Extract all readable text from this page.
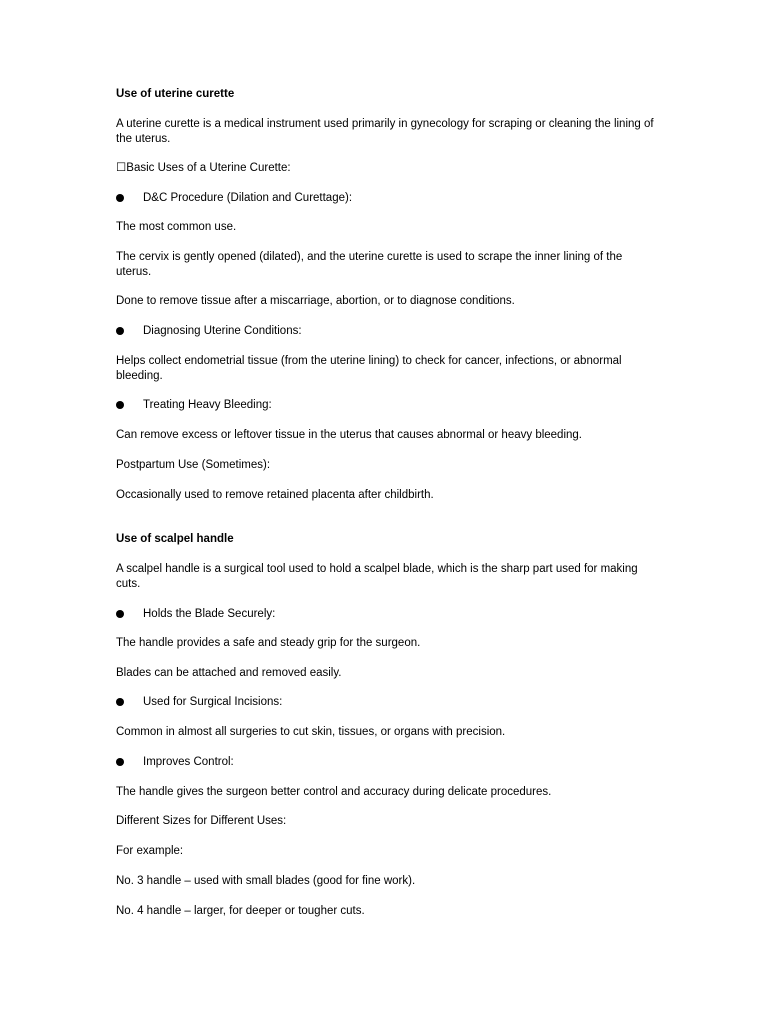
Use of uterine curette
A uterine curette is a medical instrument used primarily in gynecology for scraping or cleaning the lining of the uterus.
☐Basic Uses of a Uterine Curette:
D&C Procedure (Dilation and Curettage):
The most common use.
The cervix is gently opened (dilated), and the uterine curette is used to scrape the inner lining of the uterus.
Done to remove tissue after a miscarriage, abortion, or to diagnose conditions.
Diagnosing Uterine Conditions:
Helps collect endometrial tissue (from the uterine lining) to check for cancer, infections, or abnormal bleeding.
Treating Heavy Bleeding:
Can remove excess or leftover tissue in the uterus that causes abnormal or heavy bleeding.
Postpartum Use (Sometimes):
Occasionally used to remove retained placenta after childbirth.
Use of scalpel handle
A scalpel handle is a surgical tool used to hold a scalpel blade, which is the sharp part used for making cuts.
Holds the Blade Securely:
The handle provides a safe and steady grip for the surgeon.
Blades can be attached and removed easily.
Used for Surgical Incisions:
Common in almost all surgeries to cut skin, tissues, or organs with precision.
Improves Control:
The handle gives the surgeon better control and accuracy during delicate procedures.
Different Sizes for Different Uses:
For example:
No. 3 handle – used with small blades (good for fine work).
No. 4 handle – larger, for deeper or tougher cuts.
